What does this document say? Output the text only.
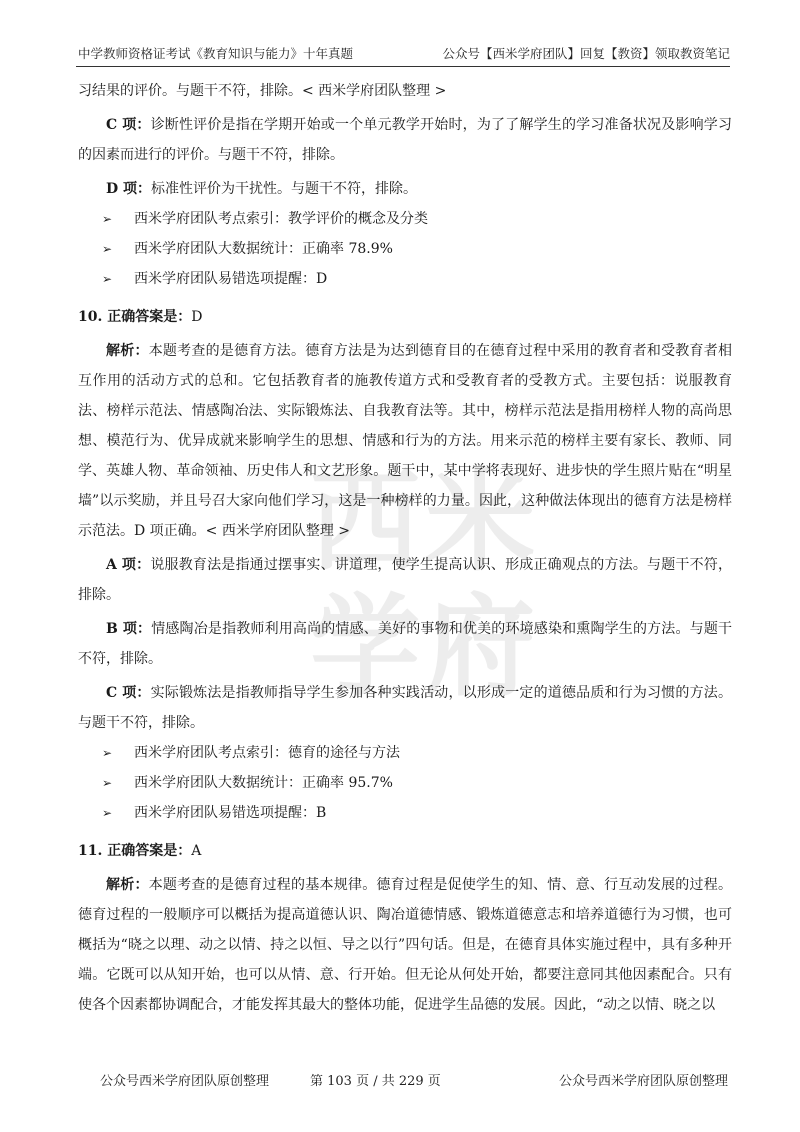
中学教师资格证考试《教育知识与能力》十年真题	公众号【西米学府团队】回复【教资】领取教资笔记
西 米
学 府

习结果的评价。与题干不符，排除。< 西米学府团队整理 >

C 项：诊断性评价是指在学期开始或一个单元教学开始时，为了了解学生的学习准备状况及影响学习的因素而进行的评价。与题干不符，排除。

D 项：标准性评价为干扰性。与题干不符，排除。

➢ 西米学府团队考点索引：教学评价的概念及分类

➢ 西米学府团队大数据统计：正确率 78.9%

➢ 西米学府团队易错选项提醒：D

10. 正确答案是：D

解析：本题考查的是德育方法。德育方法是为达到德育目的在德育过程中采用的教育者和受教育者相互作用的活动方式的总和。它包括教育者的施教传道方式和受教育者的受教方式。主要包括：说服教育法、榜样示范法、情感陶冶法、实际锻炼法、自我教育法等。其中，榜样示范法是指用榜样人物的高尚思想、模范行为、优异成就来影响学生的思想、情感和行为的方法。用来示范的榜样主要有家长、教师、同学、英雄人物、革命领袖、历史伟人和文艺形象。题干中，某中学将表现好、进步快的学生照片贴在“明星墙”以示奖励，并且号召大家向他们学习，这是一种榜样的力量。因此，这种做法体现出的德育方法是榜样示范法。D 项正确。< 西米学府团队整理 >

A 项：说服教育法是指通过摆事实、讲道理，使学生提高认识、形成正确观点的方法。与题干不符，排除。

B 项：情感陶冶是指教师利用高尚的情感、美好的事物和优美的环境感染和熏陶学生的方法。与题干不符，排除。

C 项：实际锻炼法是指教师指导学生参加各种实践活动，以形成一定的道德品质和行为习惯的方法。与题干不符，排除。

➢ 西米学府团队考点索引：德育的途径与方法

➢ 西米学府团队大数据统计：正确率 95.7%

➢ 西米学府团队易错选项提醒：B

11. 正确答案是：A

解析：本题考查的是德育过程的基本规律。德育过程是促使学生的知、情、意、行互动发展的过程。德育过程的一般顺序可以概括为提高道德认识、陶冶道德情感、锻炼道德意志和培养道德行为习惯，也可概括为“晓之以理、动之以情、持之以恒、导之以行”四句话。但是，在德育具体实施过程中，具有多种开端。它既可以从知开始，也可以从情、意、行开始。但无论从何处开始，都要注意同其他因素配合。只有使各个因素都协调配合，才能发挥其最大的整体功能，促进学生品德的发展。因此，“动之以情、晓之以

公众号西米学府团队原创整理	第 103 页 / 共 229 页	公众号西米学府团队原创整理
